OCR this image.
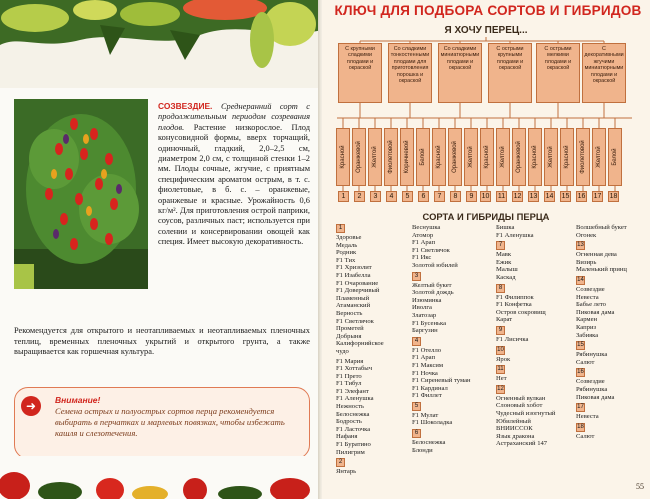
СОЗВЕЗДИЕ. Среднеранний сорт с продолжительным периодом созревания плодов. Растение низкорослое. Плод конусовидной формы, вверх торчащий, одиночный, гладкий, 2,0–2,5 см, диаметром 2,0 см, с толщиной стенки 1–2 мм. Плоды сочные, жгучие, с приятным специфическим ароматом острым, в т. с. фиолетовые, в б. с. – оранжевые, оранжевые и красные. Урожайность 0,6 кг/м². Для приготовления острой паприки, соусов, различных паст; используется при солении и консервировании овощей как специя. Имеет высокую декоративность.
Рекомендуется для открытого и неотапливаемых и неотапливаемых пленочных теплиц, временных пленочных укрытий и открытого грунта, а также выращивается как горшечная культура.
➜	Внимание!
Семена острых и полуострых сортов перца рекомендуется выбирать в перчатках и марлевых повязках, чтобы избежать кашля и слезотечения.
КЛЮЧ ДЛЯ ПОДБОРА СОРТОВ И ГИБРИДОВ
Я ХОЧУ ПЕРЕЦ...
С крупными сладкими плодами и окраской
Со сладкими тонкостенными плодами для приготовления порошка и окраской
Со сладкими миниатюрными плодами и окраской
С острыми крупными плодами и окраской
С острыми мелкими плодами и окраской
С декоративными жгучими миниатюрными плодами и окраской
Красной Оранжевой Желтой Фиолетовой Коричневой Белой Красной Оранжевой Желтой Красной Желтой Оранжевой Красной Желтой Красной Фиолетовой Желтой Белой
1	2	3	4	5	6	7	8	9	10 11 12 13 14 15 16 17 18
СОРТА И ГИБРИДЫ ПЕРЦА
1
Здоровье
Медаль
Родник
F1 Тих
F1 Хризолит
F1 Изабелла
F1 Очарование
F1 Доверчивый
Пламенный
Атаманский
Верность
F1 Светлячок
Прометей
Добрыня
Калифорнийское
чудо
F1 Мария
F1 Хоттабыч
F1 Прето
F1 Тибул
F1 Элефант
F1 Аленушка
Нежность
Белоснежка
Бодрость
F1 Ласточка
Нафаня
F1 Буратино
Пилигрим
2
Янтарь
Веснушка
Атомор
F1 Арап
F1 Светлячок
F1 Икс
Золотой юбилей
3
Желтый букет
Золотой дождь
Изюминка
Иволга
Златозар
F1 Бусенька
Баргузин
4
F1 Отелло
F1 Арап
F1 Максим
F1 Ночка
F1 Сиреневый туман
F1 Кардинал
F1 Филлет
5
F1 Мулат
F1 Шоколадка
6
Белоснежка
Блонди
Бишка
F1 Аленушка
7
Мавк
Ежик
Малыш
Каскад
8
F1 Филиппок
F1 Конфетка
Остров сокровищ
Карат
9
F1 Лисичка
10
Ярок
11
Нет
12
Огненный вулкан
Слоновый хобот
Чудесный изогнутый
Юбилейный
ВНИИССОК
Язык дракона
Астраханский 147
Волшебный букет
Огонек
13
Огненная дева
Визирь
Маленький принц
14
Созвездие
Невеста
Бабье лето
Пиковая дама
Кармен
Каприз
Забияка
15
Рябинушка
Салют
16
Созвездие
Рябинушка
Пиковая дама
17
Невеста
18
Салют
55
